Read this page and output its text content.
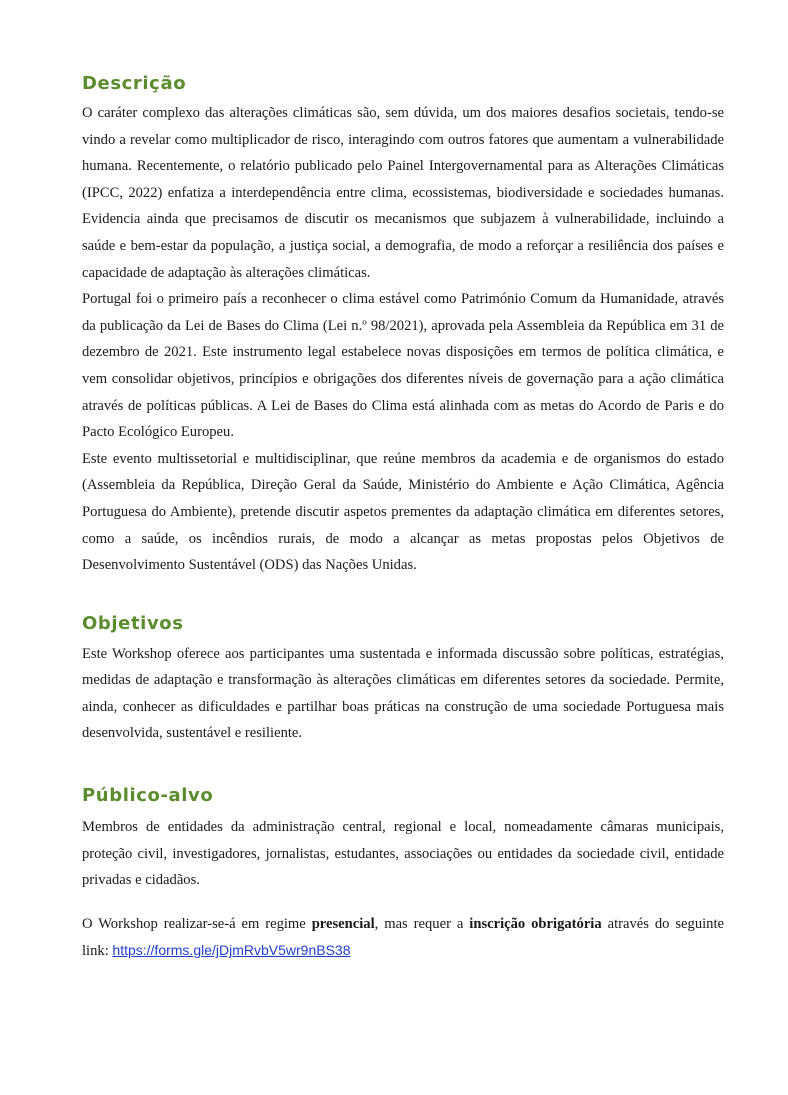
Descrição

O caráter complexo das alterações climáticas são, sem dúvida, um dos maiores desafios societais, tendo-se vindo a revelar como multiplicador de risco, interagindo com outros fatores que aumentam a vulnerabilidade humana. Recentemente, o relatório publicado pelo Painel Intergovernamental para as Alterações Climáticas (IPCC, 2022) enfatiza a interdependência entre clima, ecossistemas, biodiversidade e sociedades humanas. Evidencia ainda que precisamos de discutir os mecanismos que subjazem à vulnerabilidade, incluindo a saúde e bem-estar da população, a justiça social, a demografia, de modo a reforçar a resiliência dos países e capacidade de adaptação às alterações climáticas.

Portugal foi o primeiro país a reconhecer o clima estável como Património Comum da Humanidade, através da publicação da Lei de Bases do Clima (Lei n.º 98/2021), aprovada pela Assembleia da República em 31 de dezembro de 2021. Este instrumento legal estabelece novas disposições em termos de política climática, e vem consolidar objetivos, princípios e obrigações dos diferentes níveis de governação para a ação climática através de políticas públicas. A Lei de Bases do Clima está alinhada com as metas do Acordo de Paris e do Pacto Ecológico Europeu.

Este evento multissetorial e multidisciplinar, que reúne membros da academia e de organismos do estado (Assembleia da República, Direção Geral da Saúde, Ministério do Ambiente e Ação Climática, Agência Portuguesa do Ambiente), pretende discutir aspetos prementes da adaptação climática em diferentes setores, como a saúde, os incêndios rurais, de modo a alcançar as metas propostas pelos Objetivos de Desenvolvimento Sustentável (ODS) das Nações Unidas.

Objetivos

Este Workshop oferece aos participantes uma sustentada e informada discussão sobre políticas, estratégias, medidas de adaptação e transformação às alterações climáticas em diferentes setores da sociedade. Permite, ainda, conhecer as dificuldades e partilhar boas práticas na construção de uma sociedade Portuguesa mais desenvolvida, sustentável e resiliente.

Público-alvo

Membros de entidades da administração central, regional e local, nomeadamente câmaras municipais, proteção civil, investigadores, jornalistas, estudantes, associações ou entidades da sociedade civil, entidade privadas e cidadãos.

O Workshop realizar-se-á em regime presencial, mas requer a inscrição obrigatória através do seguinte link: https://forms.gle/jDjmRvbV5wr9nBS38
